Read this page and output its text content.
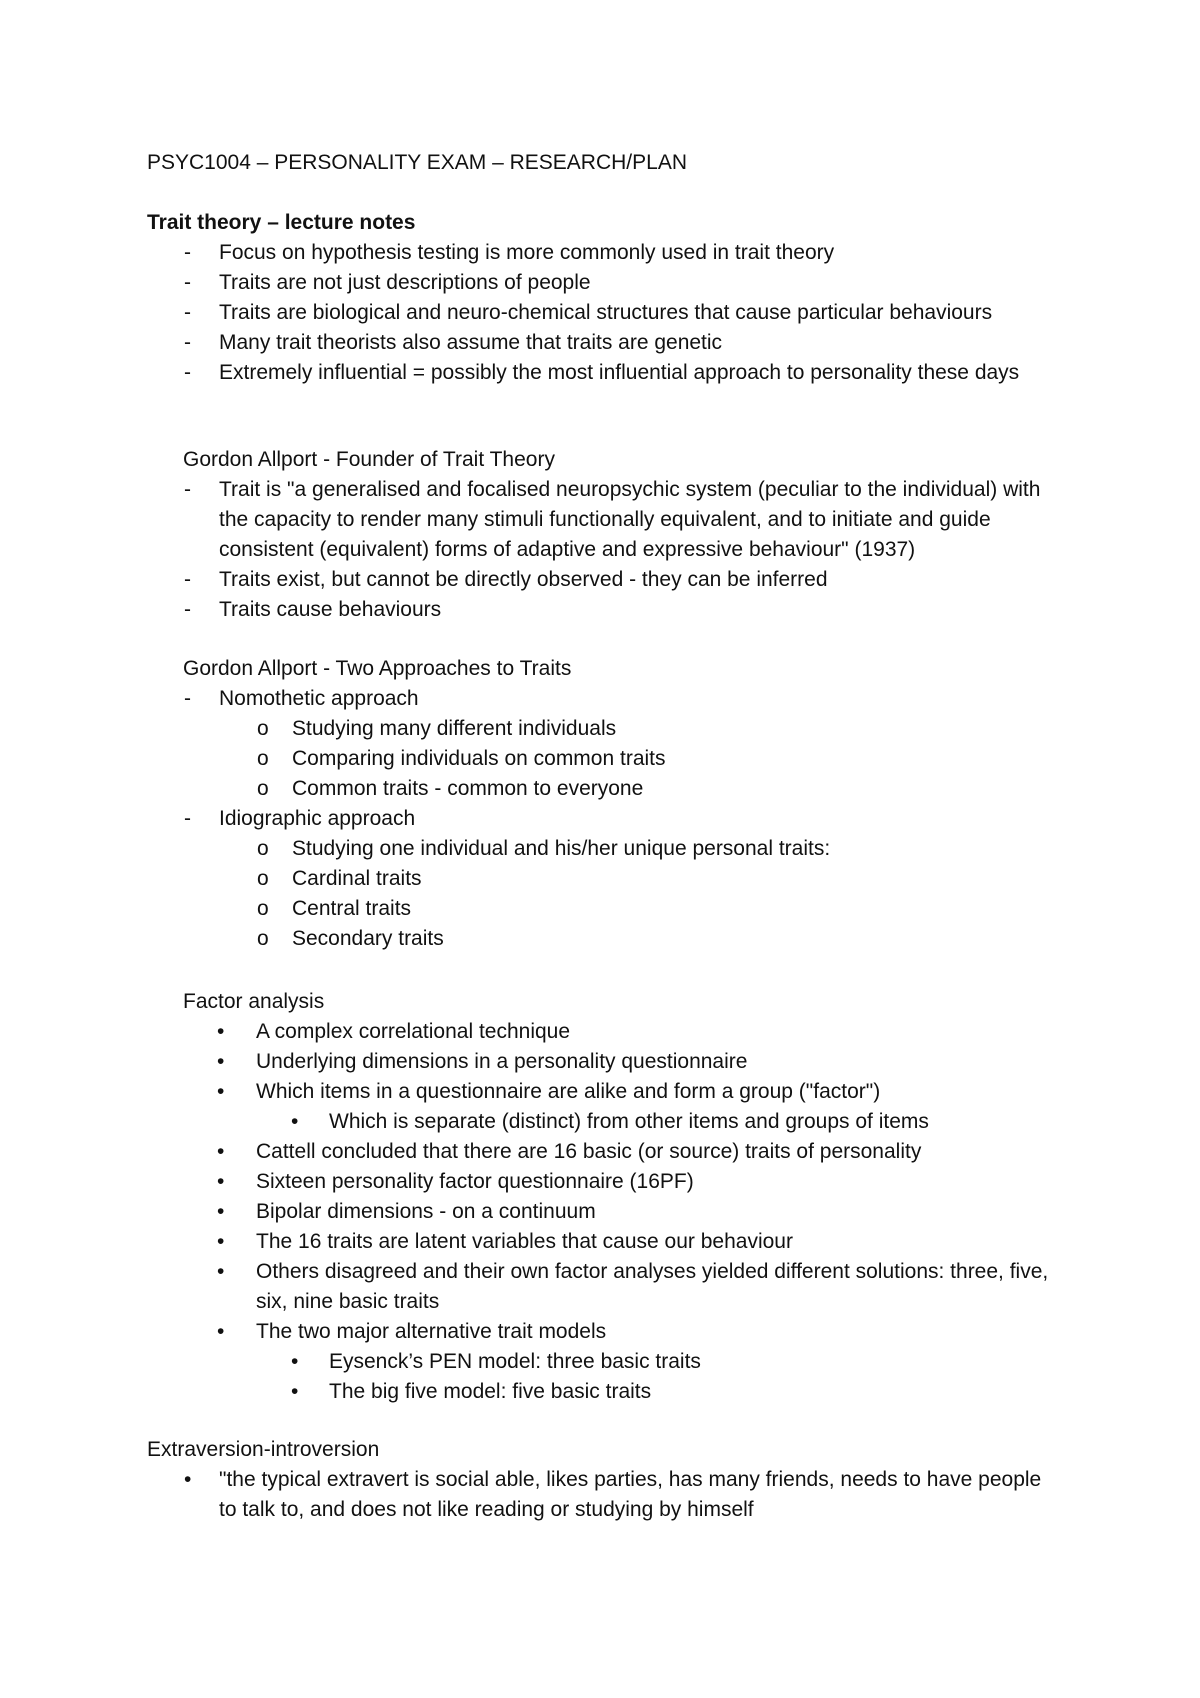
PSYC1004 – PERSONALITY EXAM – RESEARCH/PLAN
Trait theory – lecture notes
-	Focus on hypothesis testing is more commonly used in trait theory
-	Traits are not just descriptions of people
-	Traits are biological and neuro-chemical structures that cause particular behaviours
-	Many trait theorists also assume that traits are genetic
-	Extremely influential = possibly the most influential approach to personality these days
Gordon Allport - Founder of Trait Theory
-	Trait is "a generalised and focalised neuropsychic system (peculiar to the individual) with the capacity to render many stimuli functionally equivalent, and to initiate and guide consistent (equivalent) forms of adaptive and expressive behaviour" (1937)
-	Traits exist, but cannot be directly observed - they can be inferred
-	Traits cause behaviours
Gordon Allport - Two Approaches to Traits
-	Nomothetic approach
o	Studying many different individuals
o	Comparing individuals on common traits
o	Common traits - common to everyone
-	Idiographic approach
o	Studying one individual and his/her unique personal traits:
o	Cardinal traits
o	Central traits
o	Secondary traits
Factor analysis
•	A complex correlational technique
•	Underlying dimensions in a personality questionnaire
•	Which items in a questionnaire are alike and form a group ("factor")
•	Which is separate (distinct) from other items and groups of items
•	Cattell concluded that there are 16 basic (or source) traits of personality
•	Sixteen personality factor questionnaire (16PF)
•	Bipolar dimensions - on a continuum
•	The 16 traits are latent variables that cause our behaviour
•	Others disagreed and their own factor analyses yielded different solutions: three, five, six, nine basic traits
•	The two major alternative trait models
•	Eysenck’s PEN model: three basic traits
•	The big five model: five basic traits
Extraversion-introversion
•	"the typical extravert is social able, likes parties, has many friends, needs to have people to talk to, and does not like reading or studying by himself
